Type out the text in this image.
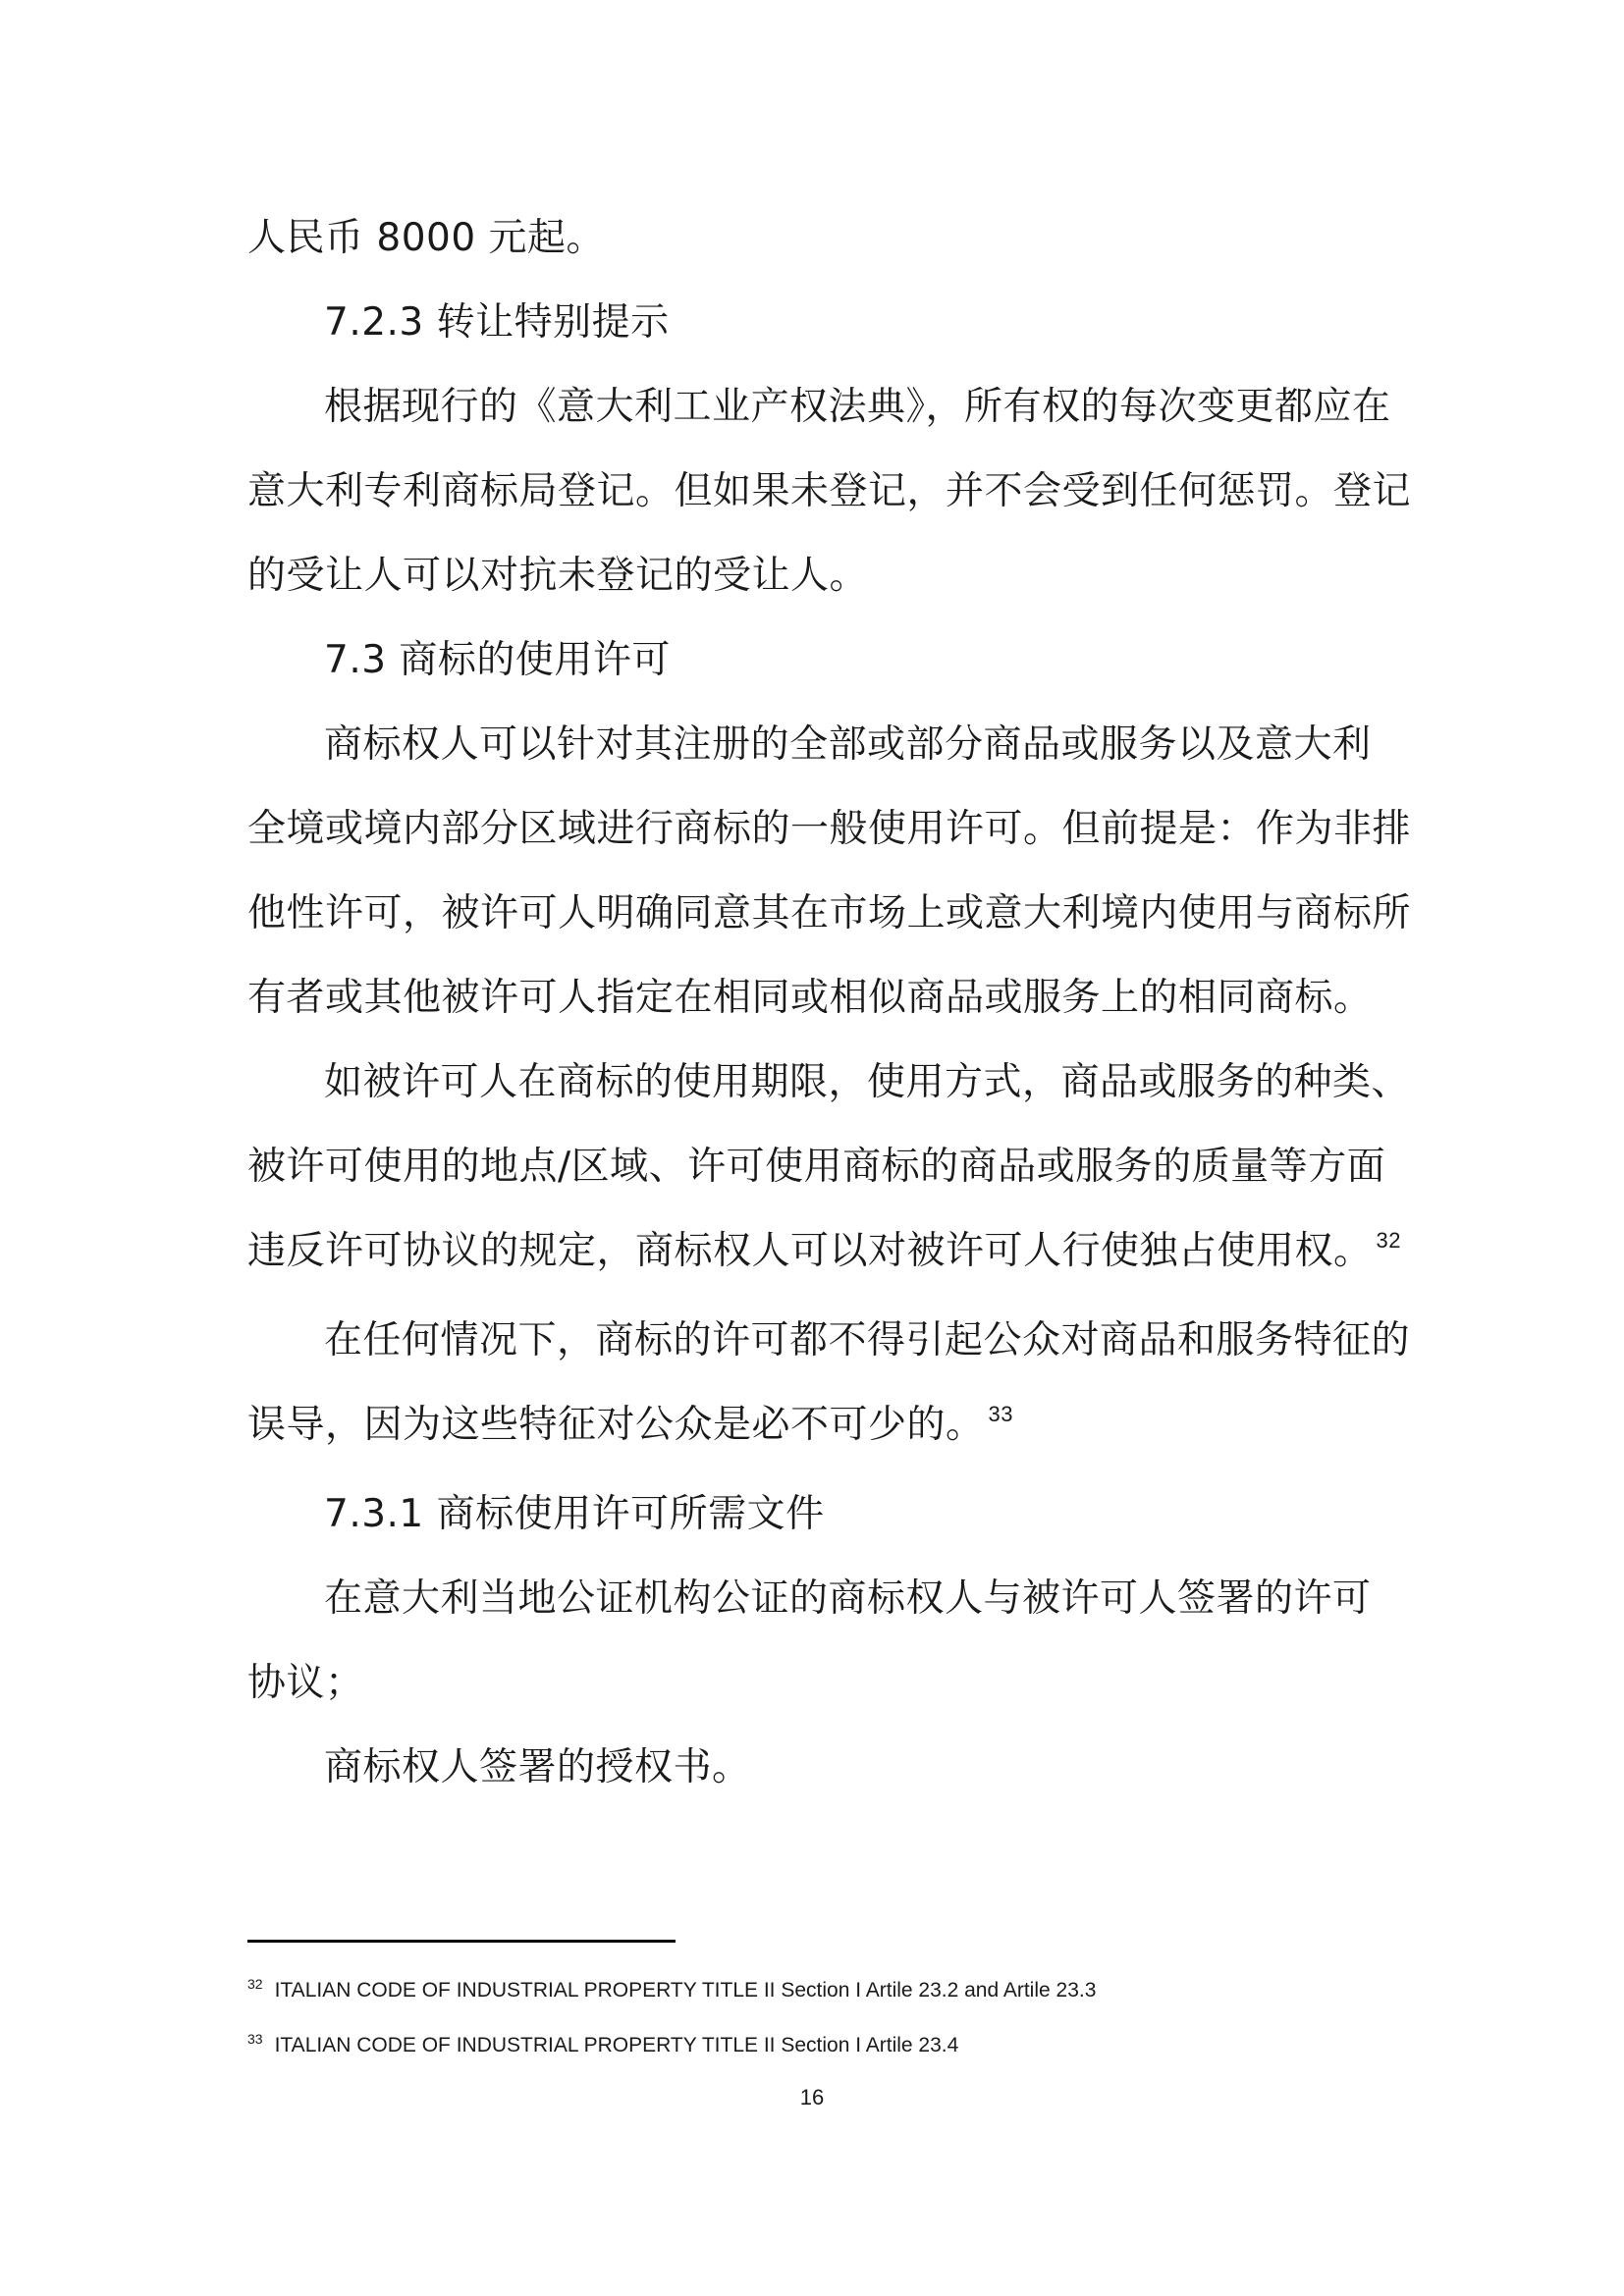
人民币 8000 元起。

7.2.3 转让特别提示

根据现行的《意大利工业产权法典》，所有权的每次变更都应在

意大利专利商标局登记。但如果未登记，并不会受到任何惩罚。登记

的受让人可以对抗未登记的受让人。

7.3 商标的使用许可

商标权人可以针对其注册的全部或部分商品或服务以及意大利

全境或境内部分区域进行商标的一般使用许可。但前提是：作为非排

他性许可，被许可人明确同意其在市场上或意大利境内使用与商标所

有者或其他被许可人指定在相同或相似商品或服务上的相同商标。

如被许可人在商标的使用期限，使用方式，商品或服务的种类、

被许可使用的地点/区域、许可使用商标的商品或服务的质量等方面

违反许可协议的规定，商标权人可以对被许可人行使独占使用权。 $^{32}$

在任何情况下，商标的许可都不得引起公众对商品和服务特征的

误导，因为这些特征对公众是必不可少的。 $^{33}$

7.3.1 商标使用许可所需文件

在意大利当地公证机构公证的商标权人与被许可人签署的许可

协议；

商标权人签署的授权书。

$^{32}$ ITALIAN CODE OF INDUSTRIAL PROPERTY TITLE II Section I Artile 23.2 and Artile 23.3
$^{33}$ ITALIAN CODE OF INDUSTRIAL PROPERTY TITLE II Section I Artile 23.4
16
